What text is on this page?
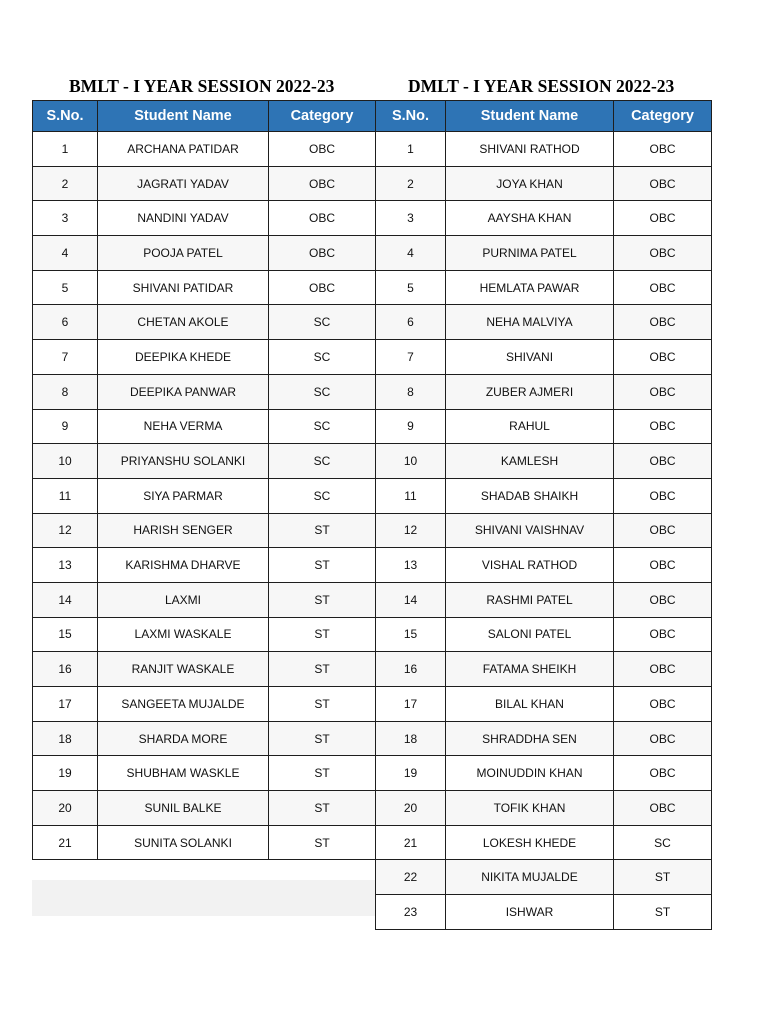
BMLT - I YEAR SESSION 2022-23	DMLT - I YEAR SESSION 2022-23
S.No.	Student Name	Category
1	ARCHANA PATIDAR	OBC
2	JAGRATI YADAV	OBC
3	NANDINI YADAV	OBC
4	POOJA PATEL	OBC
5	SHIVANI PATIDAR	OBC
6	CHETAN AKOLE	SC
7	DEEPIKA KHEDE	SC
8	DEEPIKA PANWAR	SC
9	NEHA VERMA	SC
10	PRIYANSHU SOLANKI	SC
11	SIYA PARMAR	SC
12	HARISH SENGER	ST
13	KARISHMA DHARVE	ST
14	LAXMI	ST
15	LAXMI WASKALE	ST
16	RANJIT WASKALE	ST
17	SANGEETA MUJALDE	ST
18	SHARDA MORE	ST
19	SHUBHAM WASKLE	ST
20	SUNIL BALKE	ST
21	SUNITA SOLANKI	ST
S.No.	Student Name	Category
1	SHIVANI RATHOD	OBC
2	JOYA KHAN	OBC
3	AAYSHA KHAN	OBC
4	PURNIMA PATEL	OBC
5	HEMLATA PAWAR	OBC
6	NEHA MALVIYA	OBC
7	SHIVANI	OBC
8	ZUBER AJMERI	OBC
9	RAHUL	OBC
10	KAMLESH	OBC
11	SHADAB SHAIKH	OBC
12	SHIVANI VAISHNAV	OBC
13	VISHAL RATHOD	OBC
14	RASHMI PATEL	OBC
15	SALONI PATEL	OBC
16	FATAMA SHEIKH	OBC
17	BILAL KHAN	OBC
18	SHRADDHA SEN	OBC
19	MOINUDDIN KHAN	OBC
20	TOFIK KHAN	OBC
21	LOKESH KHEDE	SC
22	NIKITA MUJALDE	ST
23	ISHWAR	ST
